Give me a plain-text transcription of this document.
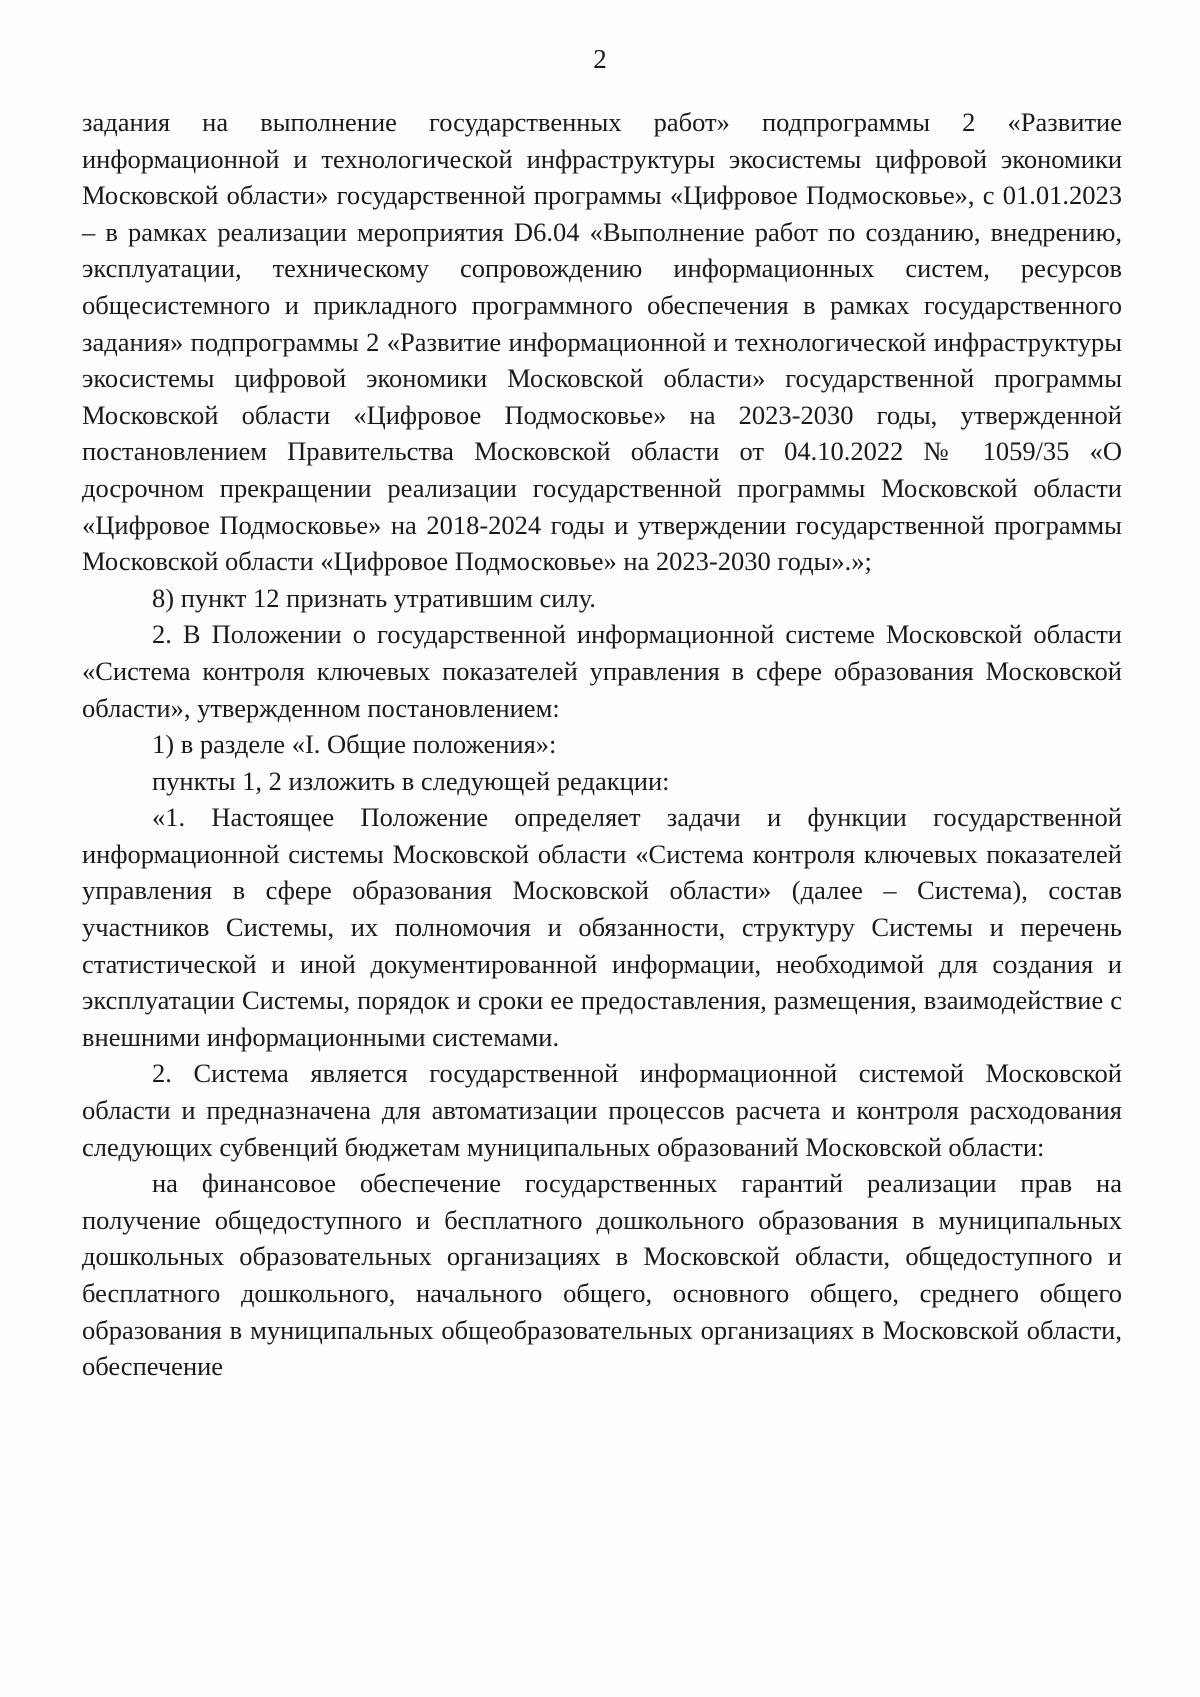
2

задания на выполнение государственных работ» подпрограммы 2 «Развитие информационной и технологической инфраструктуры экосистемы цифровой экономики Московской области» государственной программы «Цифровое Подмосковье», с 01.01.2023 – в рамках реализации мероприятия D6.04 «Выполнение работ по созданию, внедрению, эксплуатации, техническому сопровождению информационных систем, ресурсов общесистемного и прикладного программного обеспечения в рамках государственного задания» подпрограммы 2 «Развитие информационной и технологической инфраструктуры экосистемы цифровой экономики Московской области» государственной программы Московской области «Цифровое Подмосковье» на 2023-2030 годы, утвержденной постановлением Правительства Московской области от 04.10.2022 № 1059/35 «О досрочном прекращении реализации государственной программы Московской области «Цифровое Подмосковье» на 2018-2024 годы и утверждении государственной программы Московской области «Цифровое Подмосковье» на 2023-2030 годы».»;

8) пункт 12 признать утратившим силу.

2. В Положении о государственной информационной системе Московской области «Система контроля ключевых показателей управления в сфере образования Московской области», утвержденном постановлением:

1) в разделе «I. Общие положения»:

пункты 1, 2 изложить в следующей редакции:

«1. Настоящее Положение определяет задачи и функции государственной информационной системы Московской области «Система контроля ключевых показателей управления в сфере образования Московской области» (далее – Система), состав участников Системы, их полномочия и обязанности, структуру Системы и перечень статистической и иной документированной информации, необходимой для создания и эксплуатации Системы, порядок и сроки ее предоставления, размещения, взаимодействие с внешними информационными системами.

2. Система является государственной информационной системой Московской области и предназначена для автоматизации процессов расчета и контроля расходования следующих субвенций бюджетам муниципальных образований Московской области:

на финансовое обеспечение государственных гарантий реализации прав на получение общедоступного и бесплатного дошкольного образования в муниципальных дошкольных образовательных организациях в Московской области, общедоступного и бесплатного дошкольного, начального общего, основного общего, среднего общего образования в муниципальных общеобразовательных организациях в Московской области, обеспечение
